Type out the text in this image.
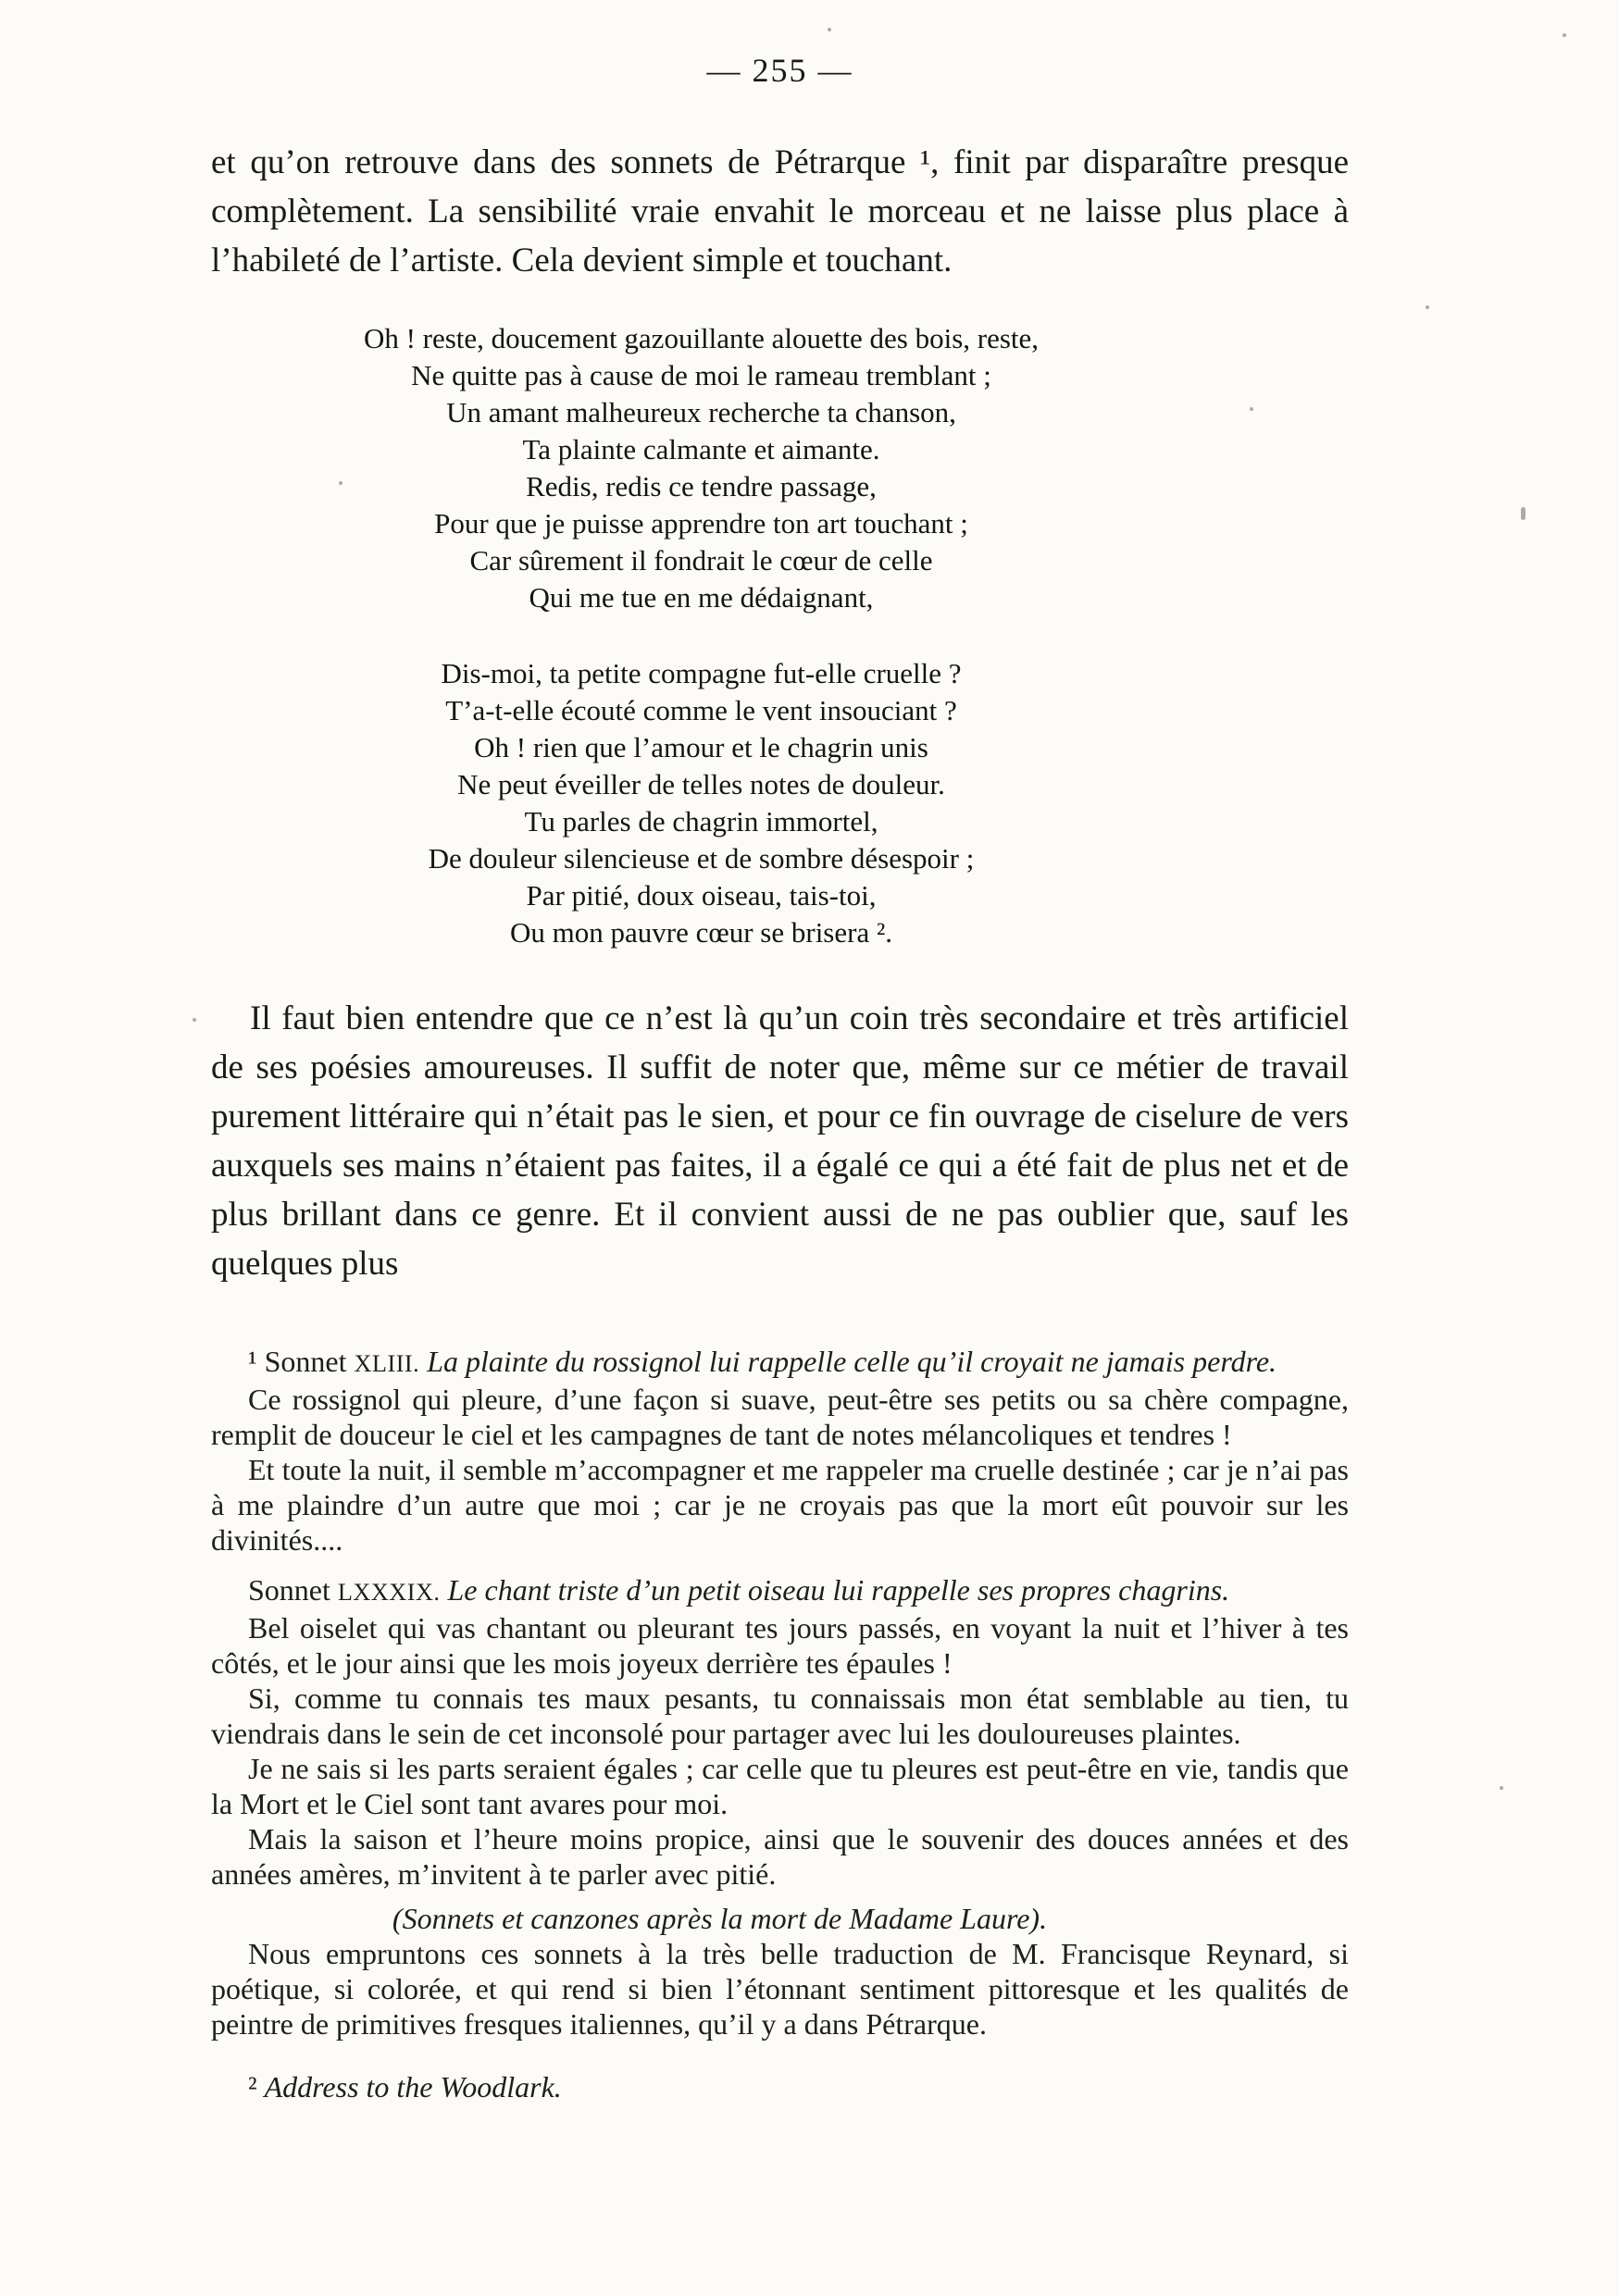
— 255 —

et qu’on retrouve dans des sonnets de Pétrarque ¹, finit par disparaître presque complètement. La sensibilité vraie envahit le morceau et ne laisse plus place à l’habileté de l’artiste. Cela devient simple et touchant.

Oh ! reste, doucement gazouillante alouette des bois, reste,
Ne quitte pas à cause de moi le rameau tremblant ;
Un amant malheureux recherche ta chanson,
Ta plainte calmante et aimante.
Redis, redis ce tendre passage,
Pour que je puisse apprendre ton art touchant ;
Car sûrement il fondrait le cœur de celle
Qui me tue en me dédaignant,
Dis-moi, ta petite compagne fut-elle cruelle ?
T’a-t-elle écouté comme le vent insouciant ?
Oh ! rien que l’amour et le chagrin unis
Ne peut éveiller de telles notes de douleur.
Tu parles de chagrin immortel,
De douleur silencieuse et de sombre désespoir ;
Par pitié, doux oiseau, tais-toi,
Ou mon pauvre cœur se brisera ².

Il faut bien entendre que ce n’est là qu’un coin très secondaire et très artificiel de ses poésies amoureuses. Il suffit de noter que, même sur ce métier de travail purement littéraire qui n’était pas le sien, et pour ce fin ouvrage de ciselure de vers auxquels ses mains n’étaient pas faites, il a égalé ce qui a été fait de plus net et de plus brillant dans ce genre. Et il convient aussi de ne pas oublier que, sauf les quelques plus

¹ Sonnet XLIII. La plainte du rossignol lui rappelle celle qu’il croyait ne jamais perdre.

Ce rossignol qui pleure, d’une façon si suave, peut-être ses petits ou sa chère compagne, remplit de douceur le ciel et les campagnes de tant de notes mélancoliques et tendres !

Et toute la nuit, il semble m’accompagner et me rappeler ma cruelle destinée ; car je n’ai pas à me plaindre d’un autre que moi ; car je ne croyais pas que la mort eût pouvoir sur les divinités....

Sonnet LXXXIX. Le chant triste d’un petit oiseau lui rappelle ses propres chagrins.

Bel oiselet qui vas chantant ou pleurant tes jours passés, en voyant la nuit et l’hiver à tes côtés, et le jour ainsi que les mois joyeux derrière tes épaules !

Si, comme tu connais tes maux pesants, tu connaissais mon état semblable au tien, tu viendrais dans le sein de cet inconsolé pour partager avec lui les douloureuses plaintes.

Je ne sais si les parts seraient égales ; car celle que tu pleures est peut-être en vie, tandis que la Mort et le Ciel sont tant avares pour moi.

Mais la saison et l’heure moins propice, ainsi que le souvenir des douces années et des années amères, m’invitent à te parler avec pitié.

(Sonnets et canzones après la mort de Madame Laure).

Nous empruntons ces sonnets à la très belle traduction de M. Francisque Reynard, si poétique, si colorée, et qui rend si bien l’étonnant sentiment pittoresque et les qualités de peintre de primitives fresques italiennes, qu’il y a dans Pétrarque.

² Address to the Woodlark.
